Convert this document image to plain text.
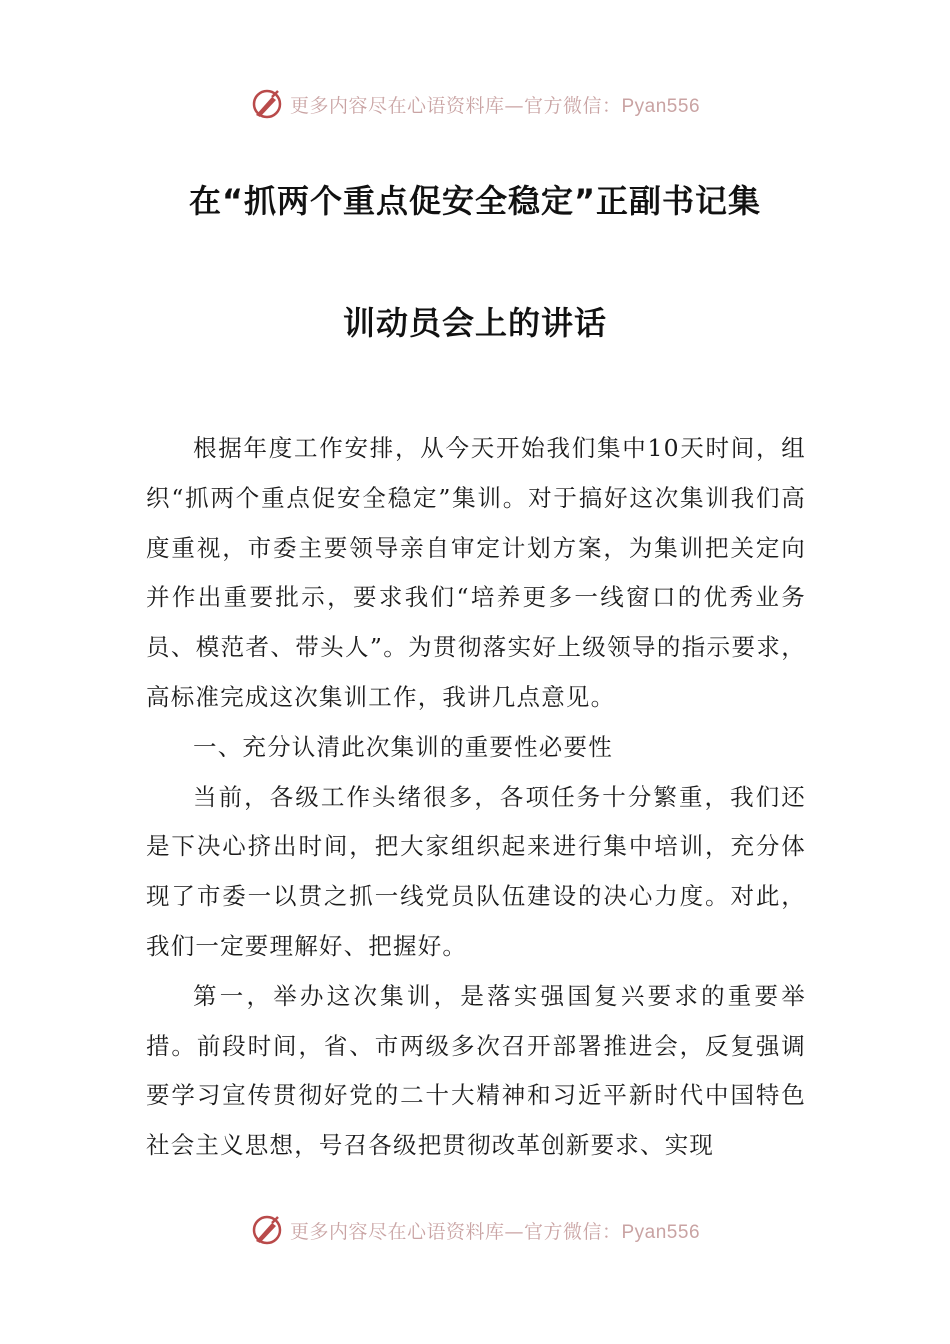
更多内容尽在心语资料库—官方微信：Pyan556
在“抓两个重点促安全稳定”正副书记集
训动员会上的讲话

根据年度工作安排，从今天开始我们集中10天时间，组织“抓两个重点促安全稳定”集训。对于搞好这次集训我们高度重视，市委主要领导亲自审定计划方案，为集训把关定向并作出重要批示，要求我们“培养更多一线窗口的优秀业务员、模范者、带头人”。为贯彻落实好上级领导的指示要求，高标准完成这次集训工作，我讲几点意见。

一、充分认清此次集训的重要性必要性

当前，各级工作头绪很多，各项任务十分繁重，我们还是下决心挤出时间，把大家组织起来进行集中培训，充分体现了市委一以贯之抓一线党员队伍建设的决心力度。对此，我们一定要理解好、把握好。

第一，举办这次集训，是落实强国复兴要求的重要举措。前段时间，省、市两级多次召开部署推进会，反复强调要学习宣传贯彻好党的二十大精神和习近平新时代中国特色社会主义思想，号召各级把贯彻改革创新要求、实现

更多内容尽在心语资料库—官方微信：Pyan556
